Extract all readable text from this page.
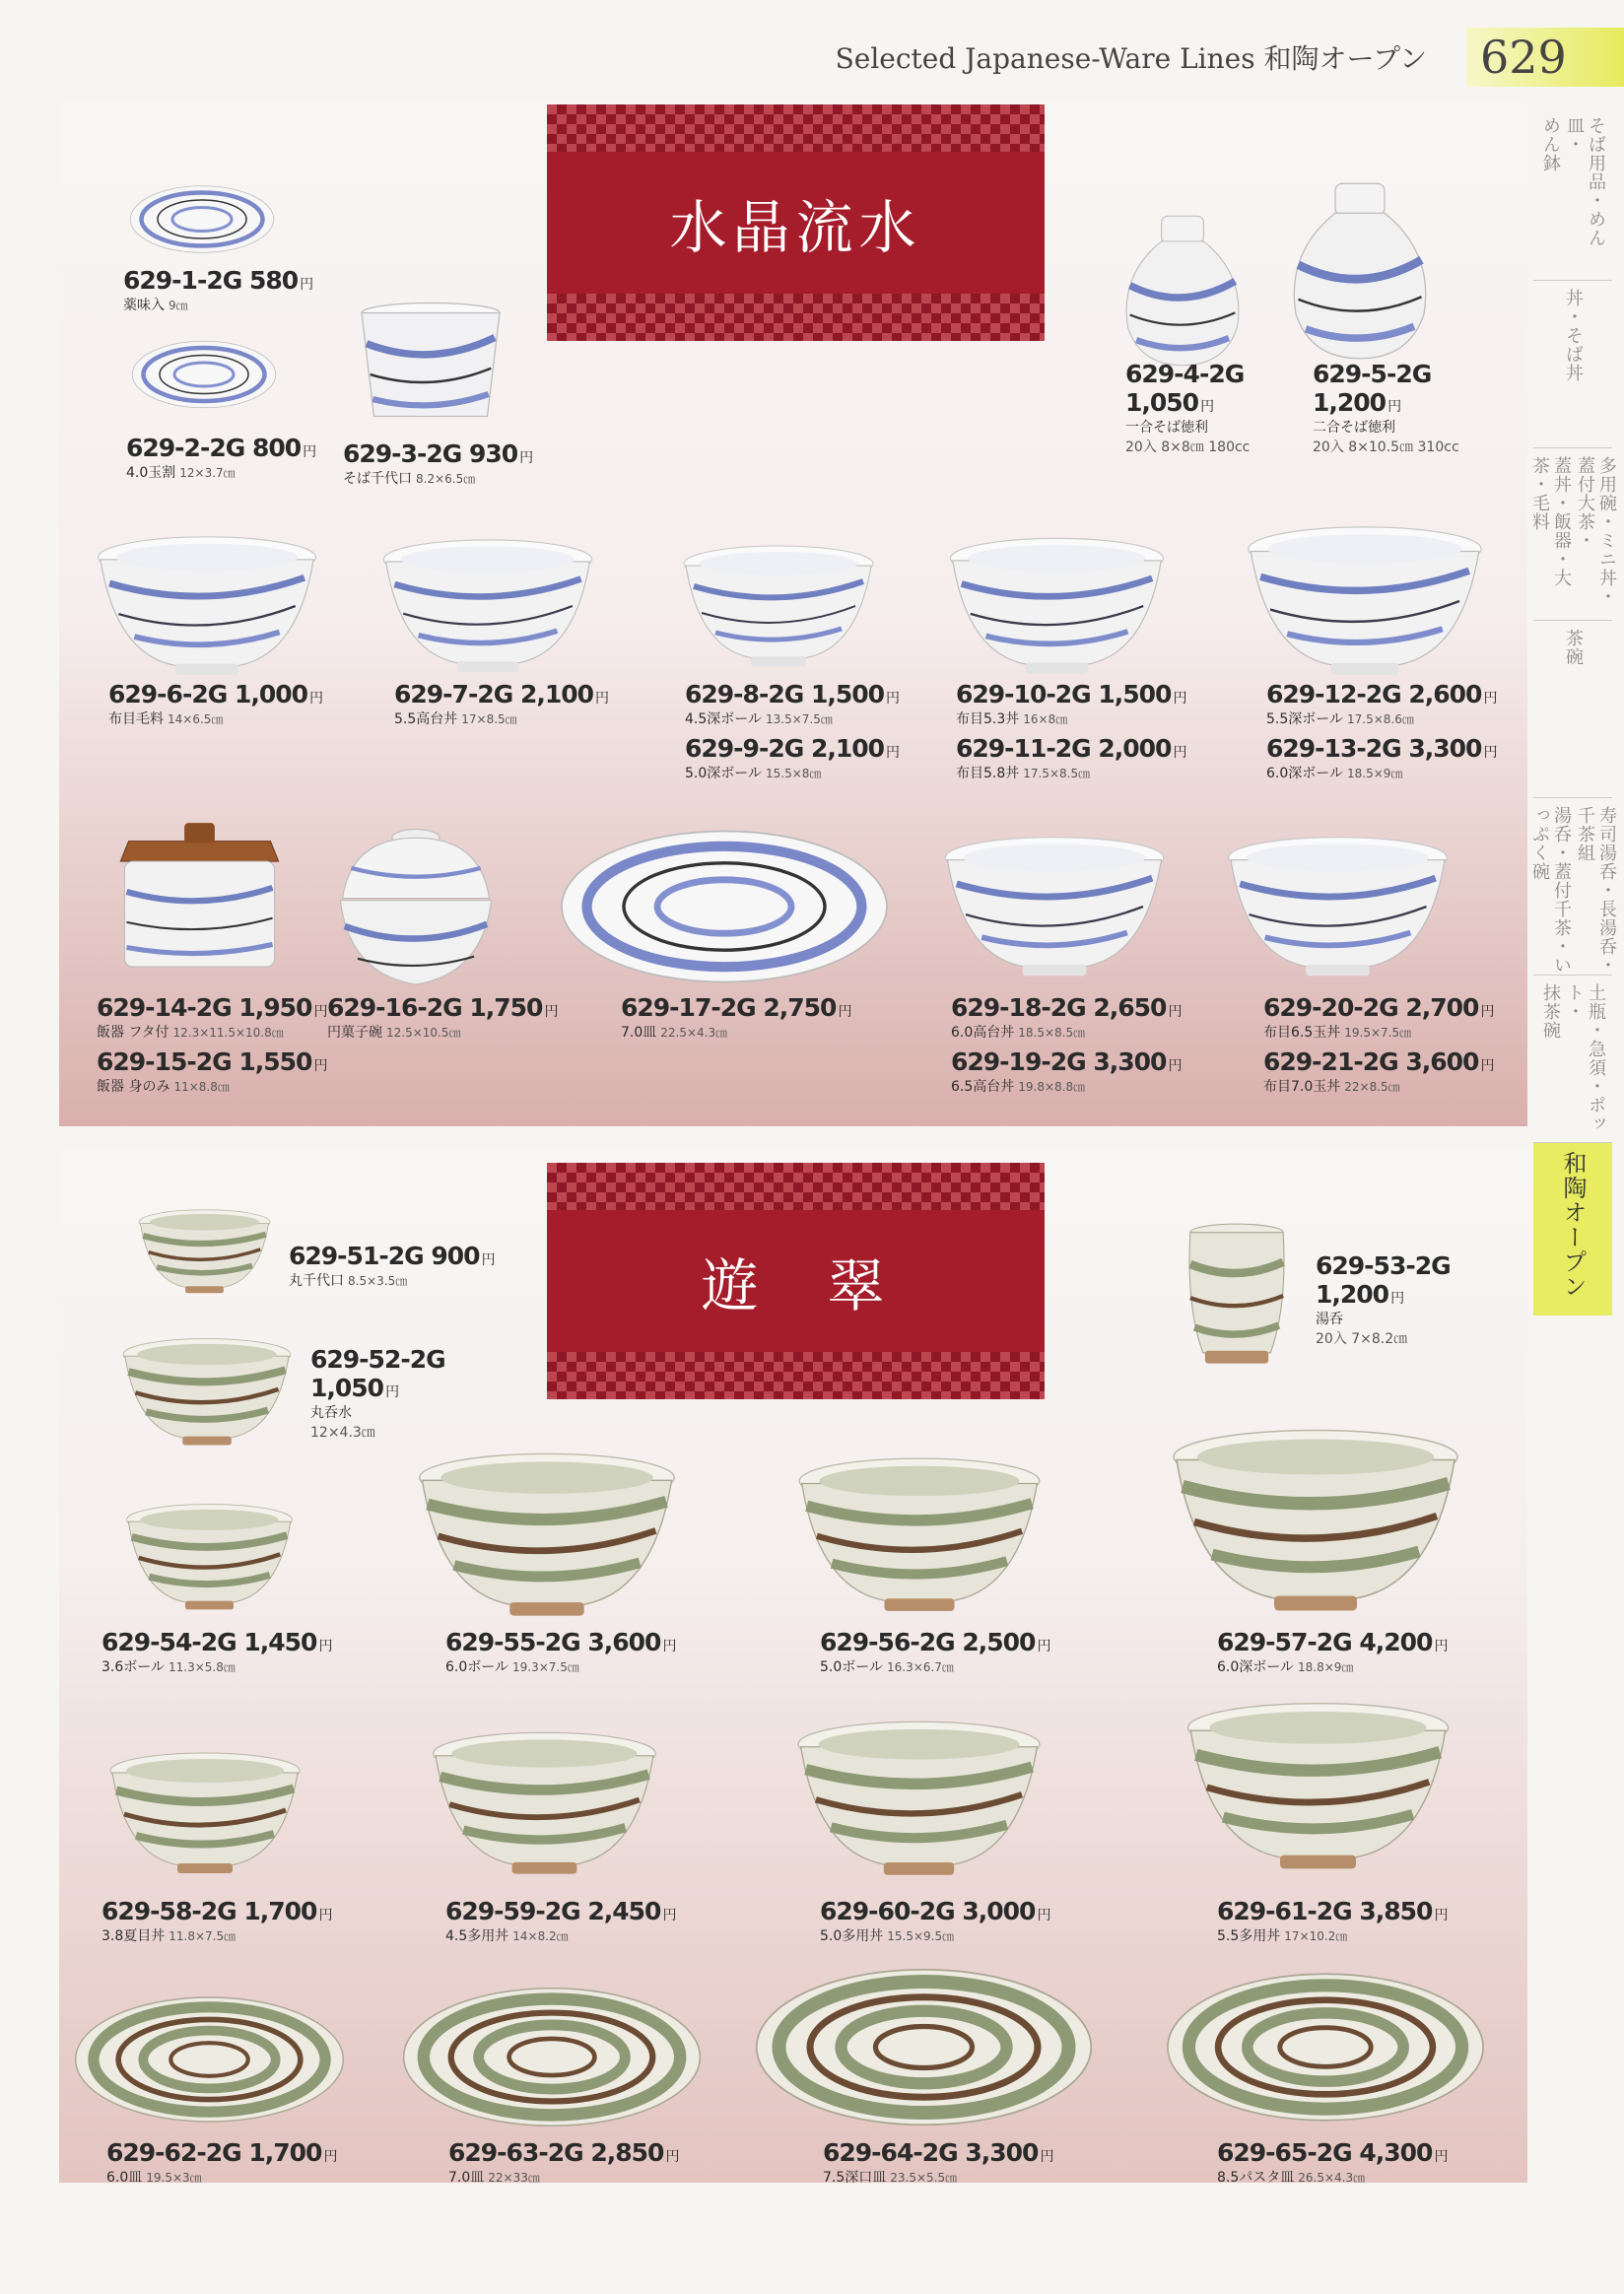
Selected Japanese-Ware Lines 和陶オープン	629
そば用品・めん皿・
めん鉢
丼・そば丼
多用碗・ミニ丼・蓋付大茶・
蓋丼・飯器・大茶・毛料
茶碗
寿司湯呑・長湯呑・千茶組
湯呑・蓋付千茶・いっぷく碗
土瓶・急須・ポット・
抹茶碗
和陶オープン
水晶流水
629-1-2G 580 円
薬味入 9㎝
629-2-2G 800 円
4.0玉割 12×3.7㎝
629-3-2G 930 円
そば千代口 8.2×6.5㎝
629-4-2G
1,050 円
一合そば徳利
20入 8×8㎝ 180cc
629-5-2G
1,200 円
二合そば徳利
20入 8×10.5㎝ 310cc
629-6-2G 1,000 円
布目毛料 14×6.5㎝
629-7-2G 2,100 円
5.5高台丼 17×8.5㎝
629-8-2G 1,500 円
4.5深ボール 13.5×7.5㎝
629-9-2G 2,100 円
5.0深ボール 15.5×8㎝
629-10-2G 1,500 円
布目5.3丼 16×8㎝
629-11-2G 2,000 円
布目5.8丼 17.5×8.5㎝
629-12-2G 2,600 円
5.5深ボール 17.5×8.6㎝
629-13-2G 3,300 円
6.0深ボール 18.5×9㎝
629-14-2G 1,950 円
飯器 フタ付 12.3×11.5×10.8㎝
629-15-2G 1,550 円
飯器 身のみ 11×8.8㎝
629-16-2G 1,750 円
円菓子碗 12.5×10.5㎝
629-17-2G 2,750 円
7.0皿 22.5×4.3㎝
629-18-2G 2,650 円
6.0高台丼 18.5×8.5㎝
629-19-2G 3,300 円
6.5高台丼 19.8×8.8㎝
629-20-2G 2,700 円
布目6.5玉丼 19.5×7.5㎝
629-21-2G 3,600 円
布目7.0玉丼 22×8.5㎝
遊　翠
629-51-2G 900 円
丸千代口 8.5×3.5㎝
629-52-2G
1,050 円
丸呑水
12×4.3㎝
629-53-2G
1,200 円
湯呑
20入 7×8.2㎝
629-54-2G 1,450 円
3.6ボール 11.3×5.8㎝
629-55-2G 3,600 円
6.0ボール 19.3×7.5㎝
629-56-2G 2,500 円
5.0ボール 16.3×6.7㎝
629-57-2G 4,200 円
6.0深ボール 18.8×9㎝
629-58-2G 1,700 円
3.8夏目丼 11.8×7.5㎝
629-59-2G 2,450 円
4.5多用丼 14×8.2㎝
629-60-2G 3,000 円
5.0多用丼 15.5×9.5㎝
629-61-2G 3,850 円
5.5多用丼 17×10.2㎝
629-62-2G 1,700 円
6.0皿 19.5×3㎝
629-63-2G 2,850 円
7.0皿 22×33㎝
629-64-2G 3,300 円
7.5深口皿 23.5×5.5㎝
629-65-2G 4,300 円
8.5パスタ皿 26.5×4.3㎝
